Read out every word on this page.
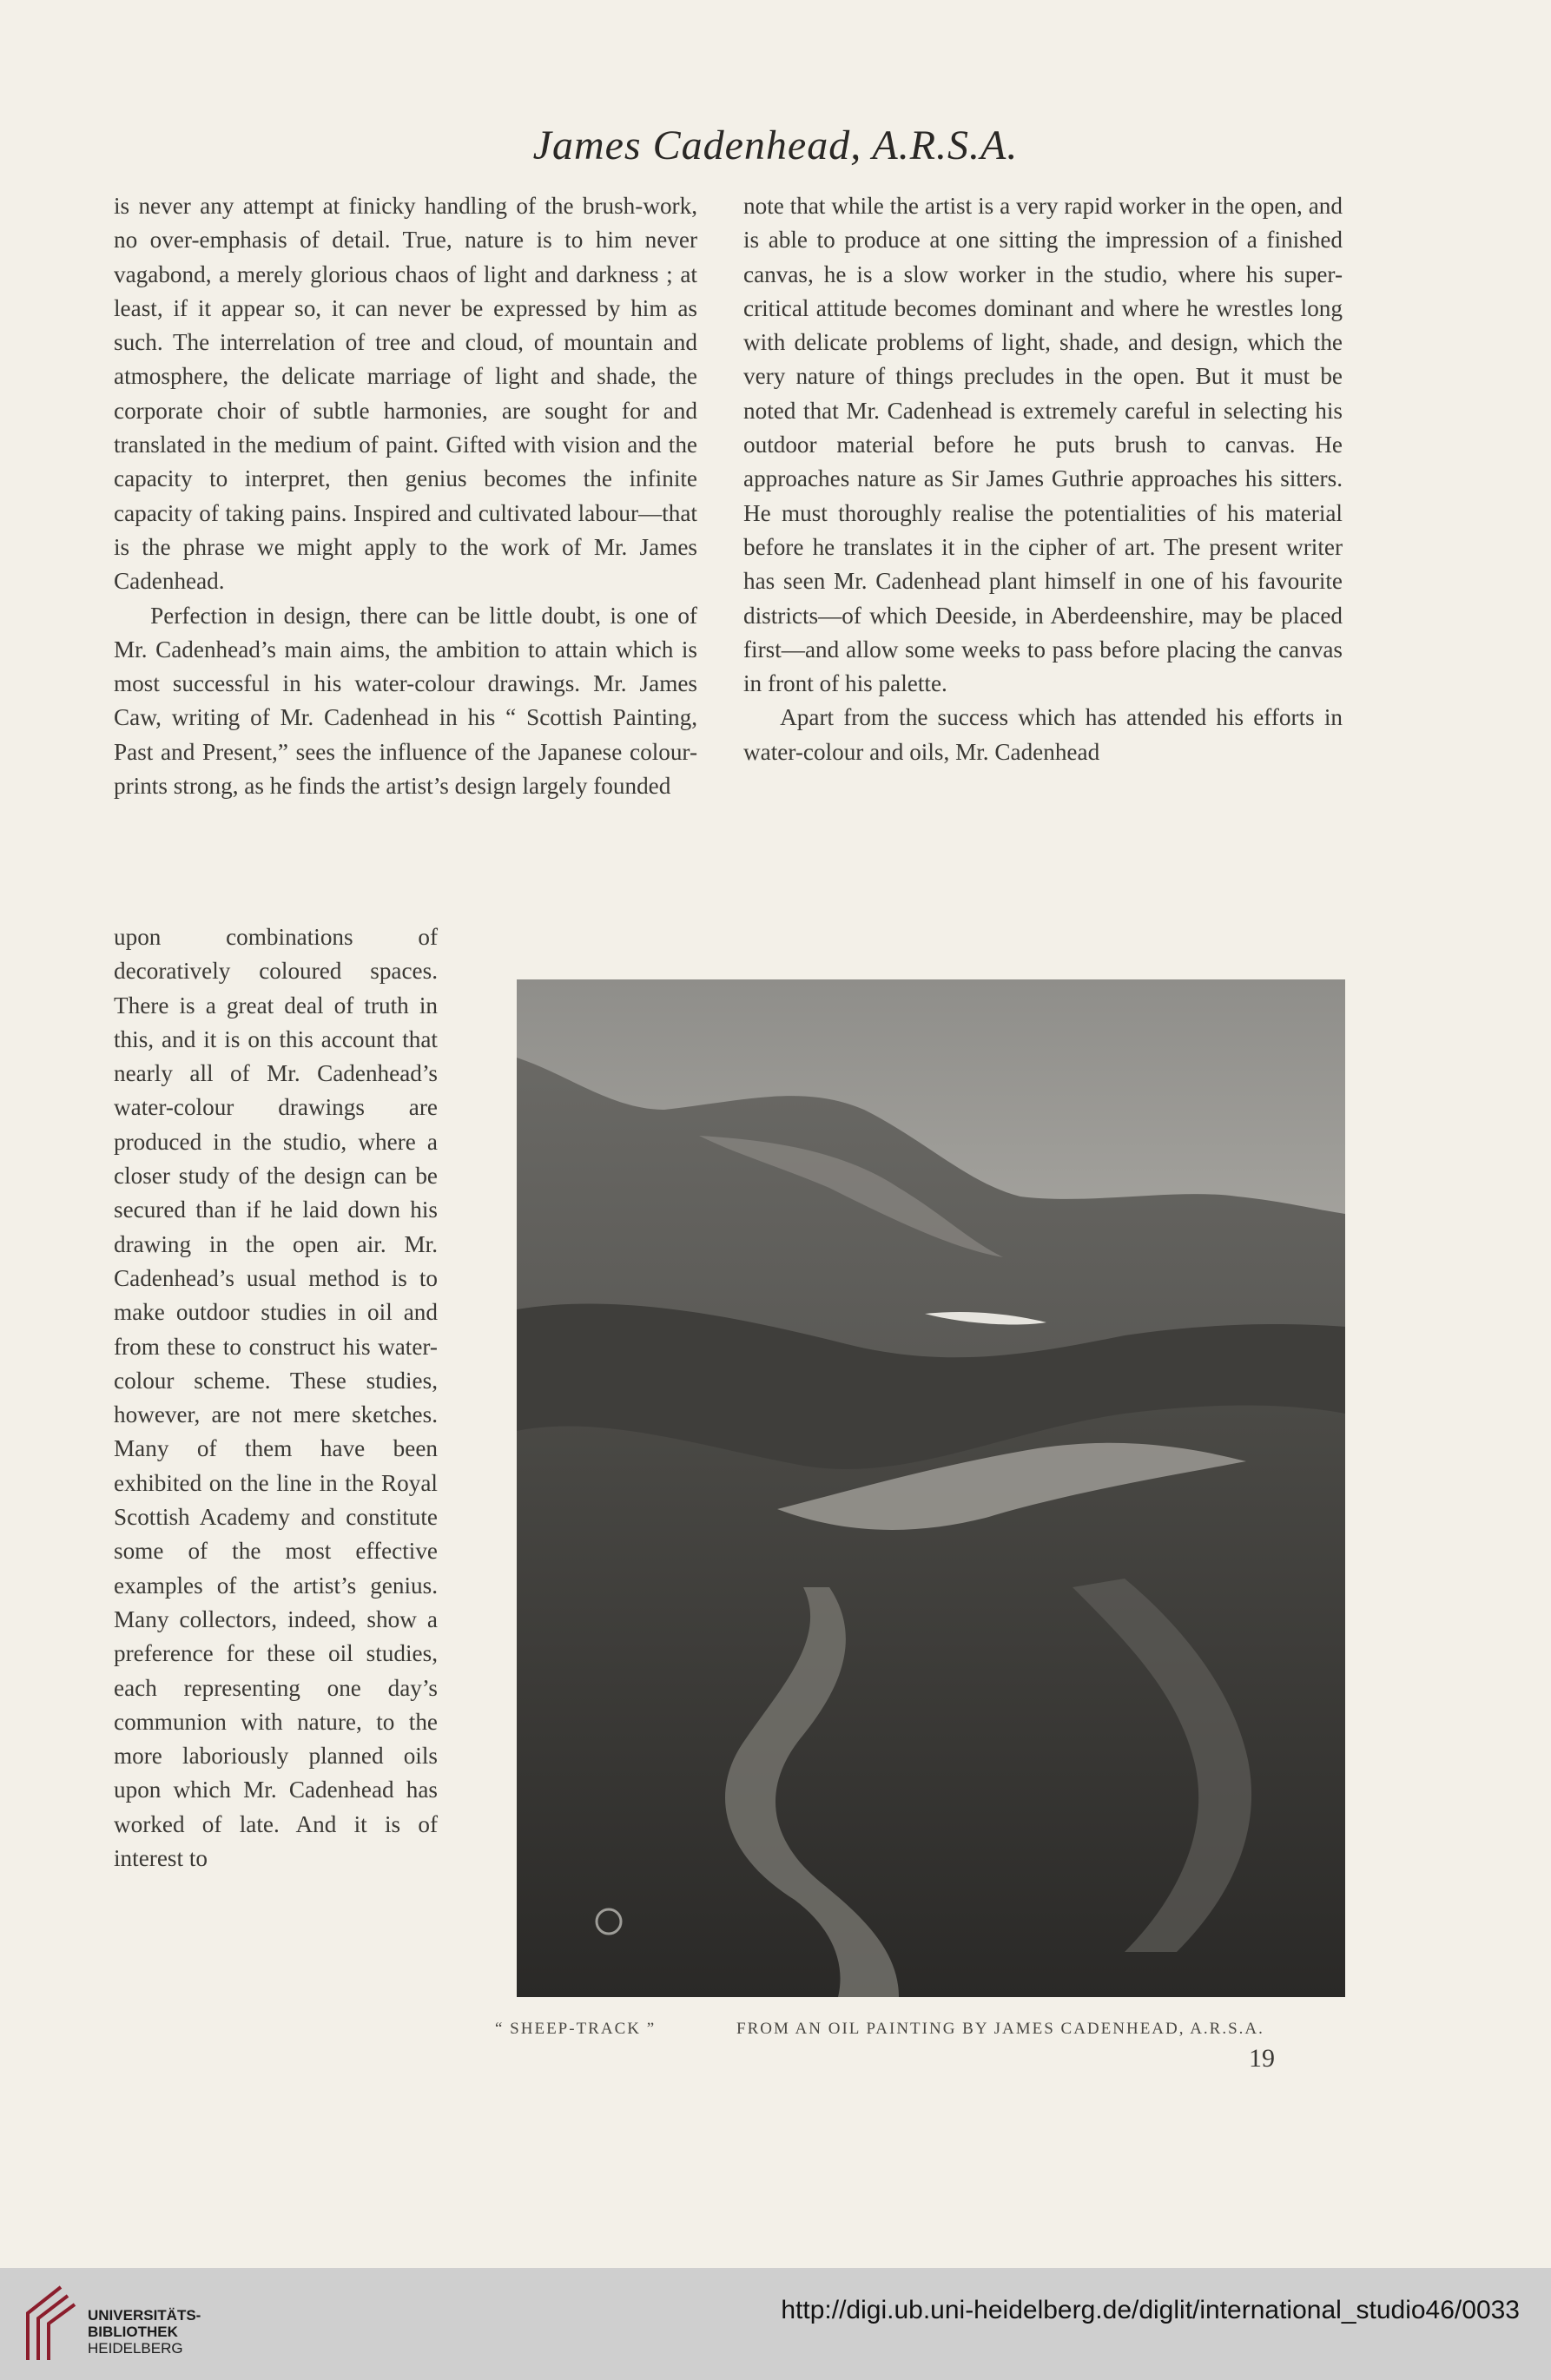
James Cadenhead, A.R.S.A.

is never any attempt at finicky handling of the brush-work, no over-emphasis of detail. True, nature is to him never vagabond, a merely glorious chaos of light and darkness ; at least, if it appear so, it can never be expressed by him as such. The interrelation of tree and cloud, of mountain and atmosphere, the delicate marriage of light and shade, the corporate choir of subtle harmonies, are sought for and translated in the medium of paint. Gifted with vision and the capacity to interpret, then genius becomes the infinite capacity of taking pains. Inspired and cultivated labour—that is the phrase we might apply to the work of Mr. James Cadenhead.

Perfection in design, there can be little doubt, is one of Mr. Cadenhead’s main aims, the ambition to attain which is most successful in his water-colour drawings. Mr. James Caw, writing of Mr. Cadenhead in his “ Scottish Painting, Past and Present,” sees the influence of the Japanese colour-prints strong, as he finds the artist’s design largely founded

note that while the artist is a very rapid worker in the open, and is able to produce at one sitting the impression of a finished canvas, he is a slow worker in the studio, where his super-critical attitude becomes dominant and where he wrestles long with delicate problems of light, shade, and design, which the very nature of things precludes in the open. But it must be noted that Mr. Cadenhead is extremely careful in selecting his outdoor material before he puts brush to canvas. He approaches nature as Sir James Guthrie approaches his sitters. He must thoroughly realise the potentialities of his material before he translates it in the cipher of art. The present writer has seen Mr. Cadenhead plant himself in one of his favourite districts—of which Deeside, in Aberdeenshire, may be placed first—and allow some weeks to pass before placing the canvas in front of his palette.

Apart from the success which has attended his efforts in water-colour and oils, Mr. Cadenhead

upon combinations of decoratively coloured spaces. There is a great deal of truth in this, and it is on this account that nearly all of Mr. Cadenhead’s water-colour drawings are produced in the studio, where a closer study of the design can be secured than if he laid down his drawing in the open air. Mr. Cadenhead’s usual method is to make outdoor studies in oil and from these to construct his water-colour scheme. These studies, however, are not mere sketches. Many of them have been exhibited on the line in the Royal Scottish Academy and constitute some of the most effective examples of the artist’s genius. Many collectors, indeed, show a preference for these oil studies, each representing one day’s communion with nature, to the more laboriously planned oils upon which Mr. Cadenhead has worked of late. And it is of interest to

“ SHEEP-TRACK ”	FROM AN OIL PAINTING BY JAMES CADENHEAD, A.R.S.A.
19
UNIVERSITÄTS-
BIBLIOTHEK
HEIDELBERG
http://digi.ub.uni-heidelberg.de/diglit/international_studio46/0033
